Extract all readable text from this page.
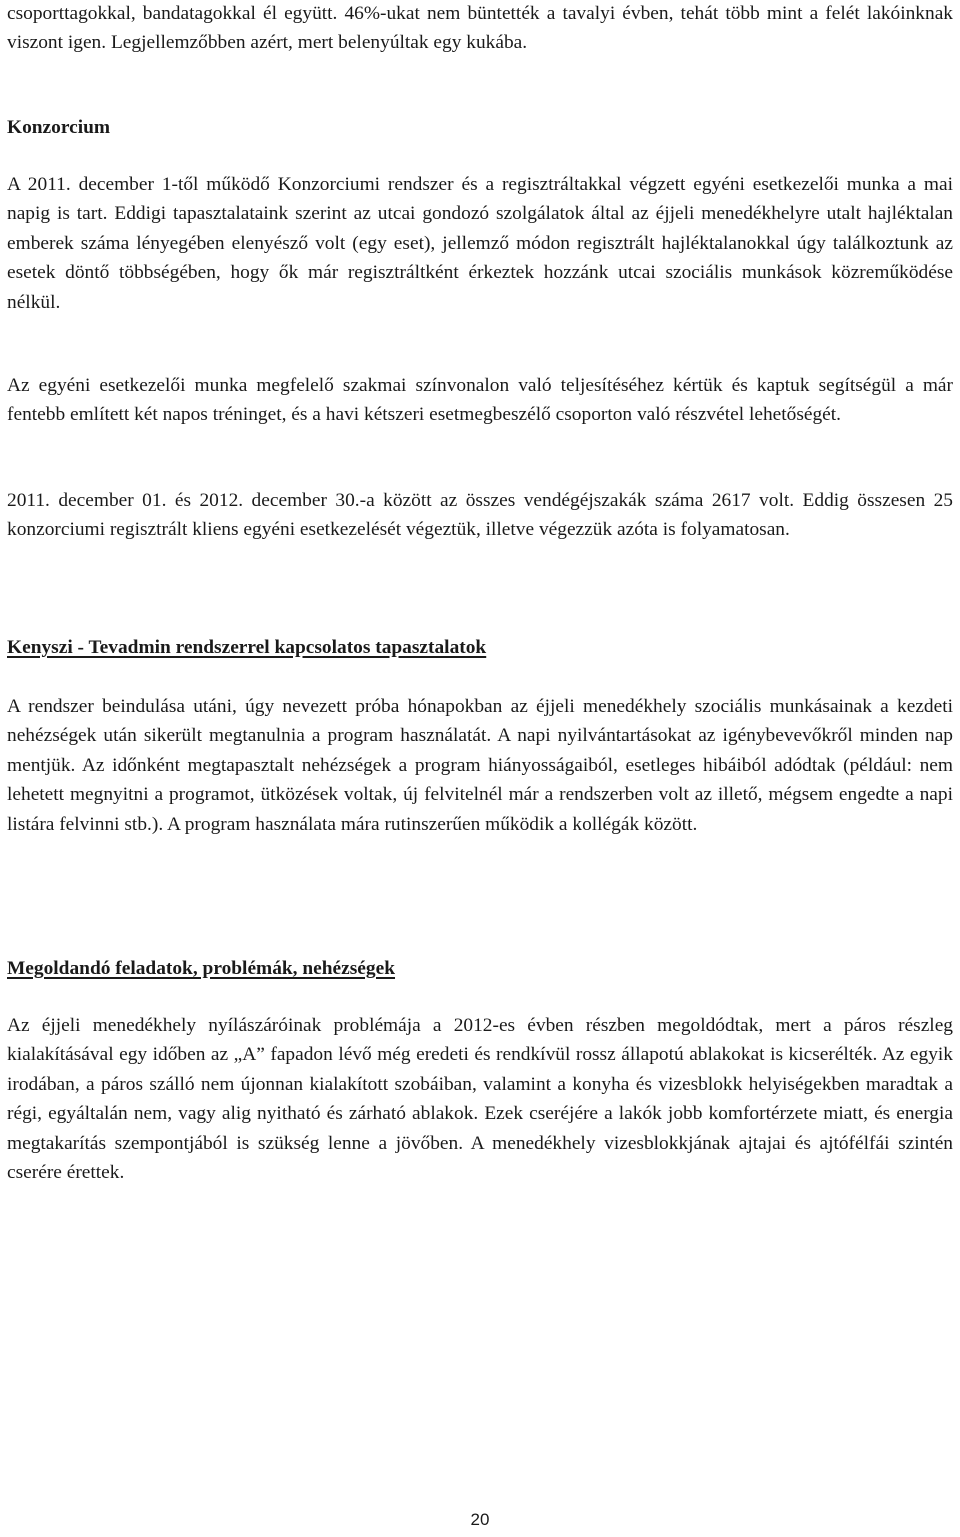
csoporttagokkal, bandatagokkal él együtt. 46%-ukat nem büntették a tavalyi évben, tehát több mint a felét lakóinknak viszont igen. Legjellemzőbben azért, mert belenyúltak egy kukába.

Konzorcium

A 2011. december 1-től működő Konzorciumi rendszer és a regisztráltakkal végzett egyéni esetkezelői munka a mai napig is tart. Eddigi tapasztalataink szerint az utcai gondozó szolgálatok által az éjjeli menedékhelyre utalt hajléktalan emberek száma lényegében elenyésző volt (egy eset), jellemző módon regisztrált hajléktalanokkal úgy találkoztunk az esetek döntő többségében, hogy ők már regisztráltként érkeztek hozzánk utcai szociális munkások közreműködése nélkül.

Az egyéni esetkezelői munka megfelelő szakmai színvonalon való teljesítéséhez kértük és kaptuk segítségül a már fentebb említett két napos tréninget, és a havi kétszeri esetmegbeszélő csoporton való részvétel lehetőségét.

2011. december 01. és 2012. december 30.-a között az összes vendégéjszakák száma 2617 volt. Eddig összesen 25 konzorciumi regisztrált kliens egyéni esetkezelését végeztük, illetve végezzük azóta is folyamatosan.

Kenyszi - Tevadmin rendszerrel kapcsolatos tapasztalatok

A rendszer beindulása utáni, úgy nevezett próba hónapokban az éjjeli menedékhely szociális munkásainak a kezdeti nehézségek után sikerült megtanulnia a program használatát. A napi nyilvántartásokat az igénybevevőkről minden nap mentjük. Az időnként megtapasztalt nehézségek a program hiányosságaiból, esetleges hibáiból adódtak (például: nem lehetett megnyitni a programot, ütközések voltak, új felvitelnél már a rendszerben volt az illető, mégsem engedte a napi listára felvinni stb.). A program használata mára rutinszerűen működik a kollégák között.

Megoldandó feladatok, problémák, nehézségek

Az éjjeli menedékhely nyílászáróinak problémája a 2012-es évben részben megoldódtak, mert a páros részleg kialakításával egy időben az „A” fapadon lévő még eredeti és rendkívül rossz állapotú ablakokat is kicserélték. Az egyik irodában, a páros szálló nem újonnan kialakított szobáiban, valamint a konyha és vizesblokk helyiségekben maradtak a régi, egyáltalán nem, vagy alig nyitható és zárható ablakok. Ezek cseréjére a lakók jobb komfortérzete miatt, és energia megtakarítás szempontjából is szükség lenne a jövőben. A menedékhely vizesblokkjának ajtajai és ajtófélfái szintén cserére érettek.

20
